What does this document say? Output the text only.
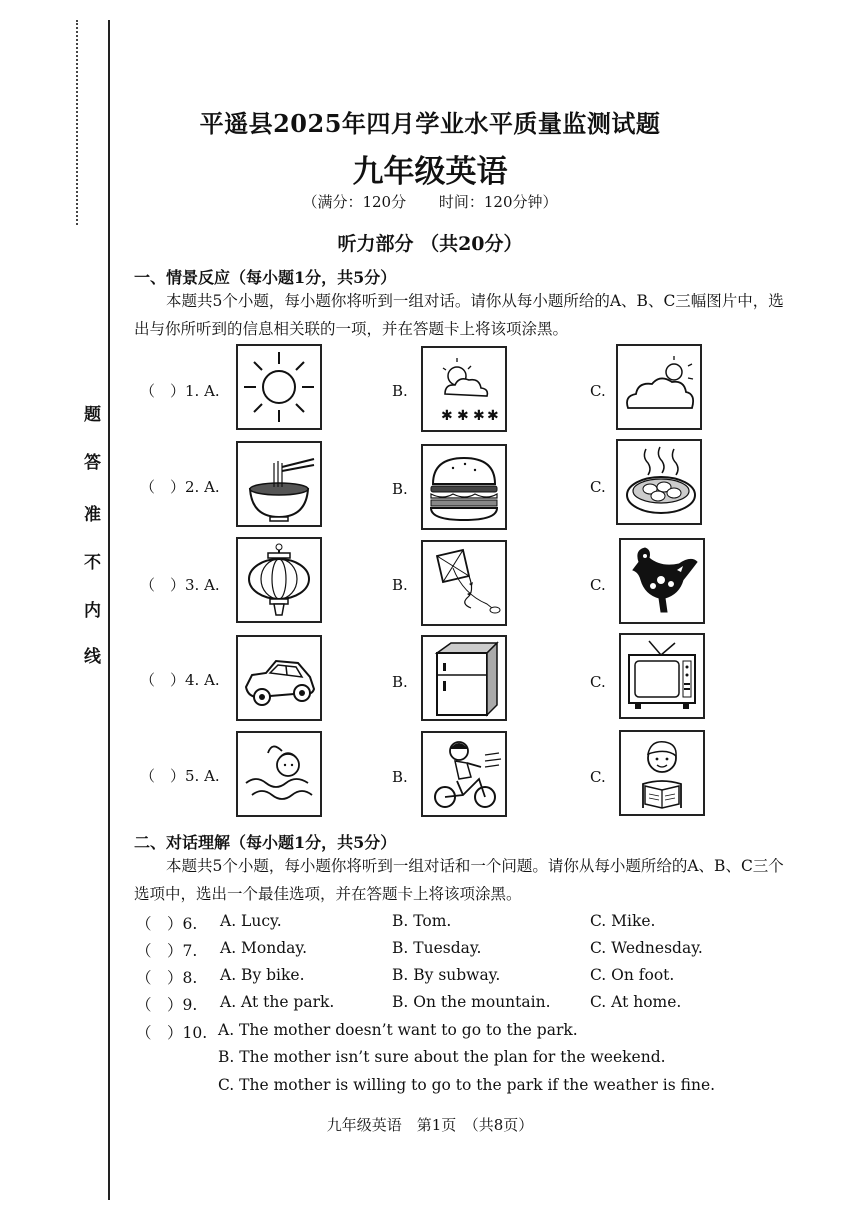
题
答
准
不
内
线
平遥县2025年四月学业水平质量监测试题
九年级英语
（满分：120分 时间：120分钟）
听力部分 （共20分）
一、情景反应（每小题1分，共5分）
本题共5个小题，每小题你将听到一组对话。请你从每小题所给的A、B、C三幅图片中，选出与你所听到的信息相关联的一项，并在答题卡上将该项涂黑。
（　）1. A.	B.	C.
（　）2. A.	B.	C.
（　）3. A.	B.	C.
（　）4. A.	B.	C.
（　）5. A.	B.	C.
✱ ✱ ✱ ✱
二、对话理解（每小题1分，共5分）
本题共5个小题，每小题你将听到一组对话和一个问题。请你从每小题所给的A、B、C三个选项中，选出一个最佳选项，并在答题卡上将该项涂黑。
（　）6. A. Lucy.	B. Tom.	C. Mike.
（　）7. A. Monday.	B. Tuesday.	C. Wednesday.
（　）8. A. By bike.	B. By subway.	C. On foot.
（　）9. A. At the park.	B. On the mountain.	C. At home.
（　）10. A. The mother doesn’t want to go to the park.
B. The mother isn’t sure about the plan for the weekend.
C. The mother is willing to go to the park if the weather is fine.
九年级英语　第1页　（共8页）
